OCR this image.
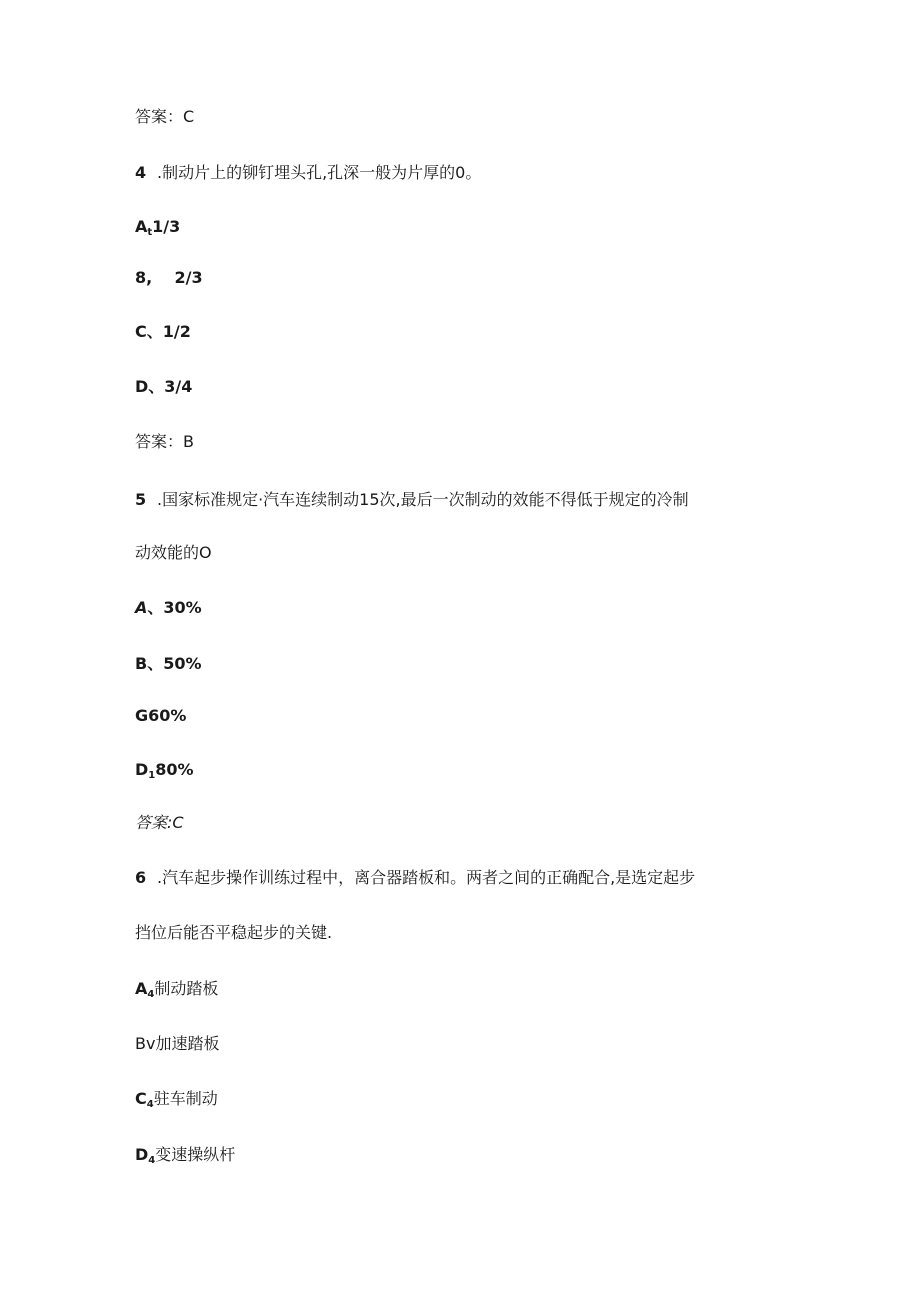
答案：C
4 .制动片上的铆钉埋头孔,孔深一般为片厚的0。
$A_t1/3$
8,    2/3
C、1/2
D、3/4
答案：B
5 .国家标准规定·汽车连续制动15次,最后一次制动的效能不得低于规定的冷制
动效能的O
A、30%
B、50%
G60%
$D_180\%$
答案:C
6 .汽车起步操作训练过程中，离合器踏板和。两者之间的正确配合,是选定起步
挡位后能否平稳起步的关键.
$A_4$制动踏板
Bv加速踏板
$C_4$驻车制动
$D_4$变速操纵杆
